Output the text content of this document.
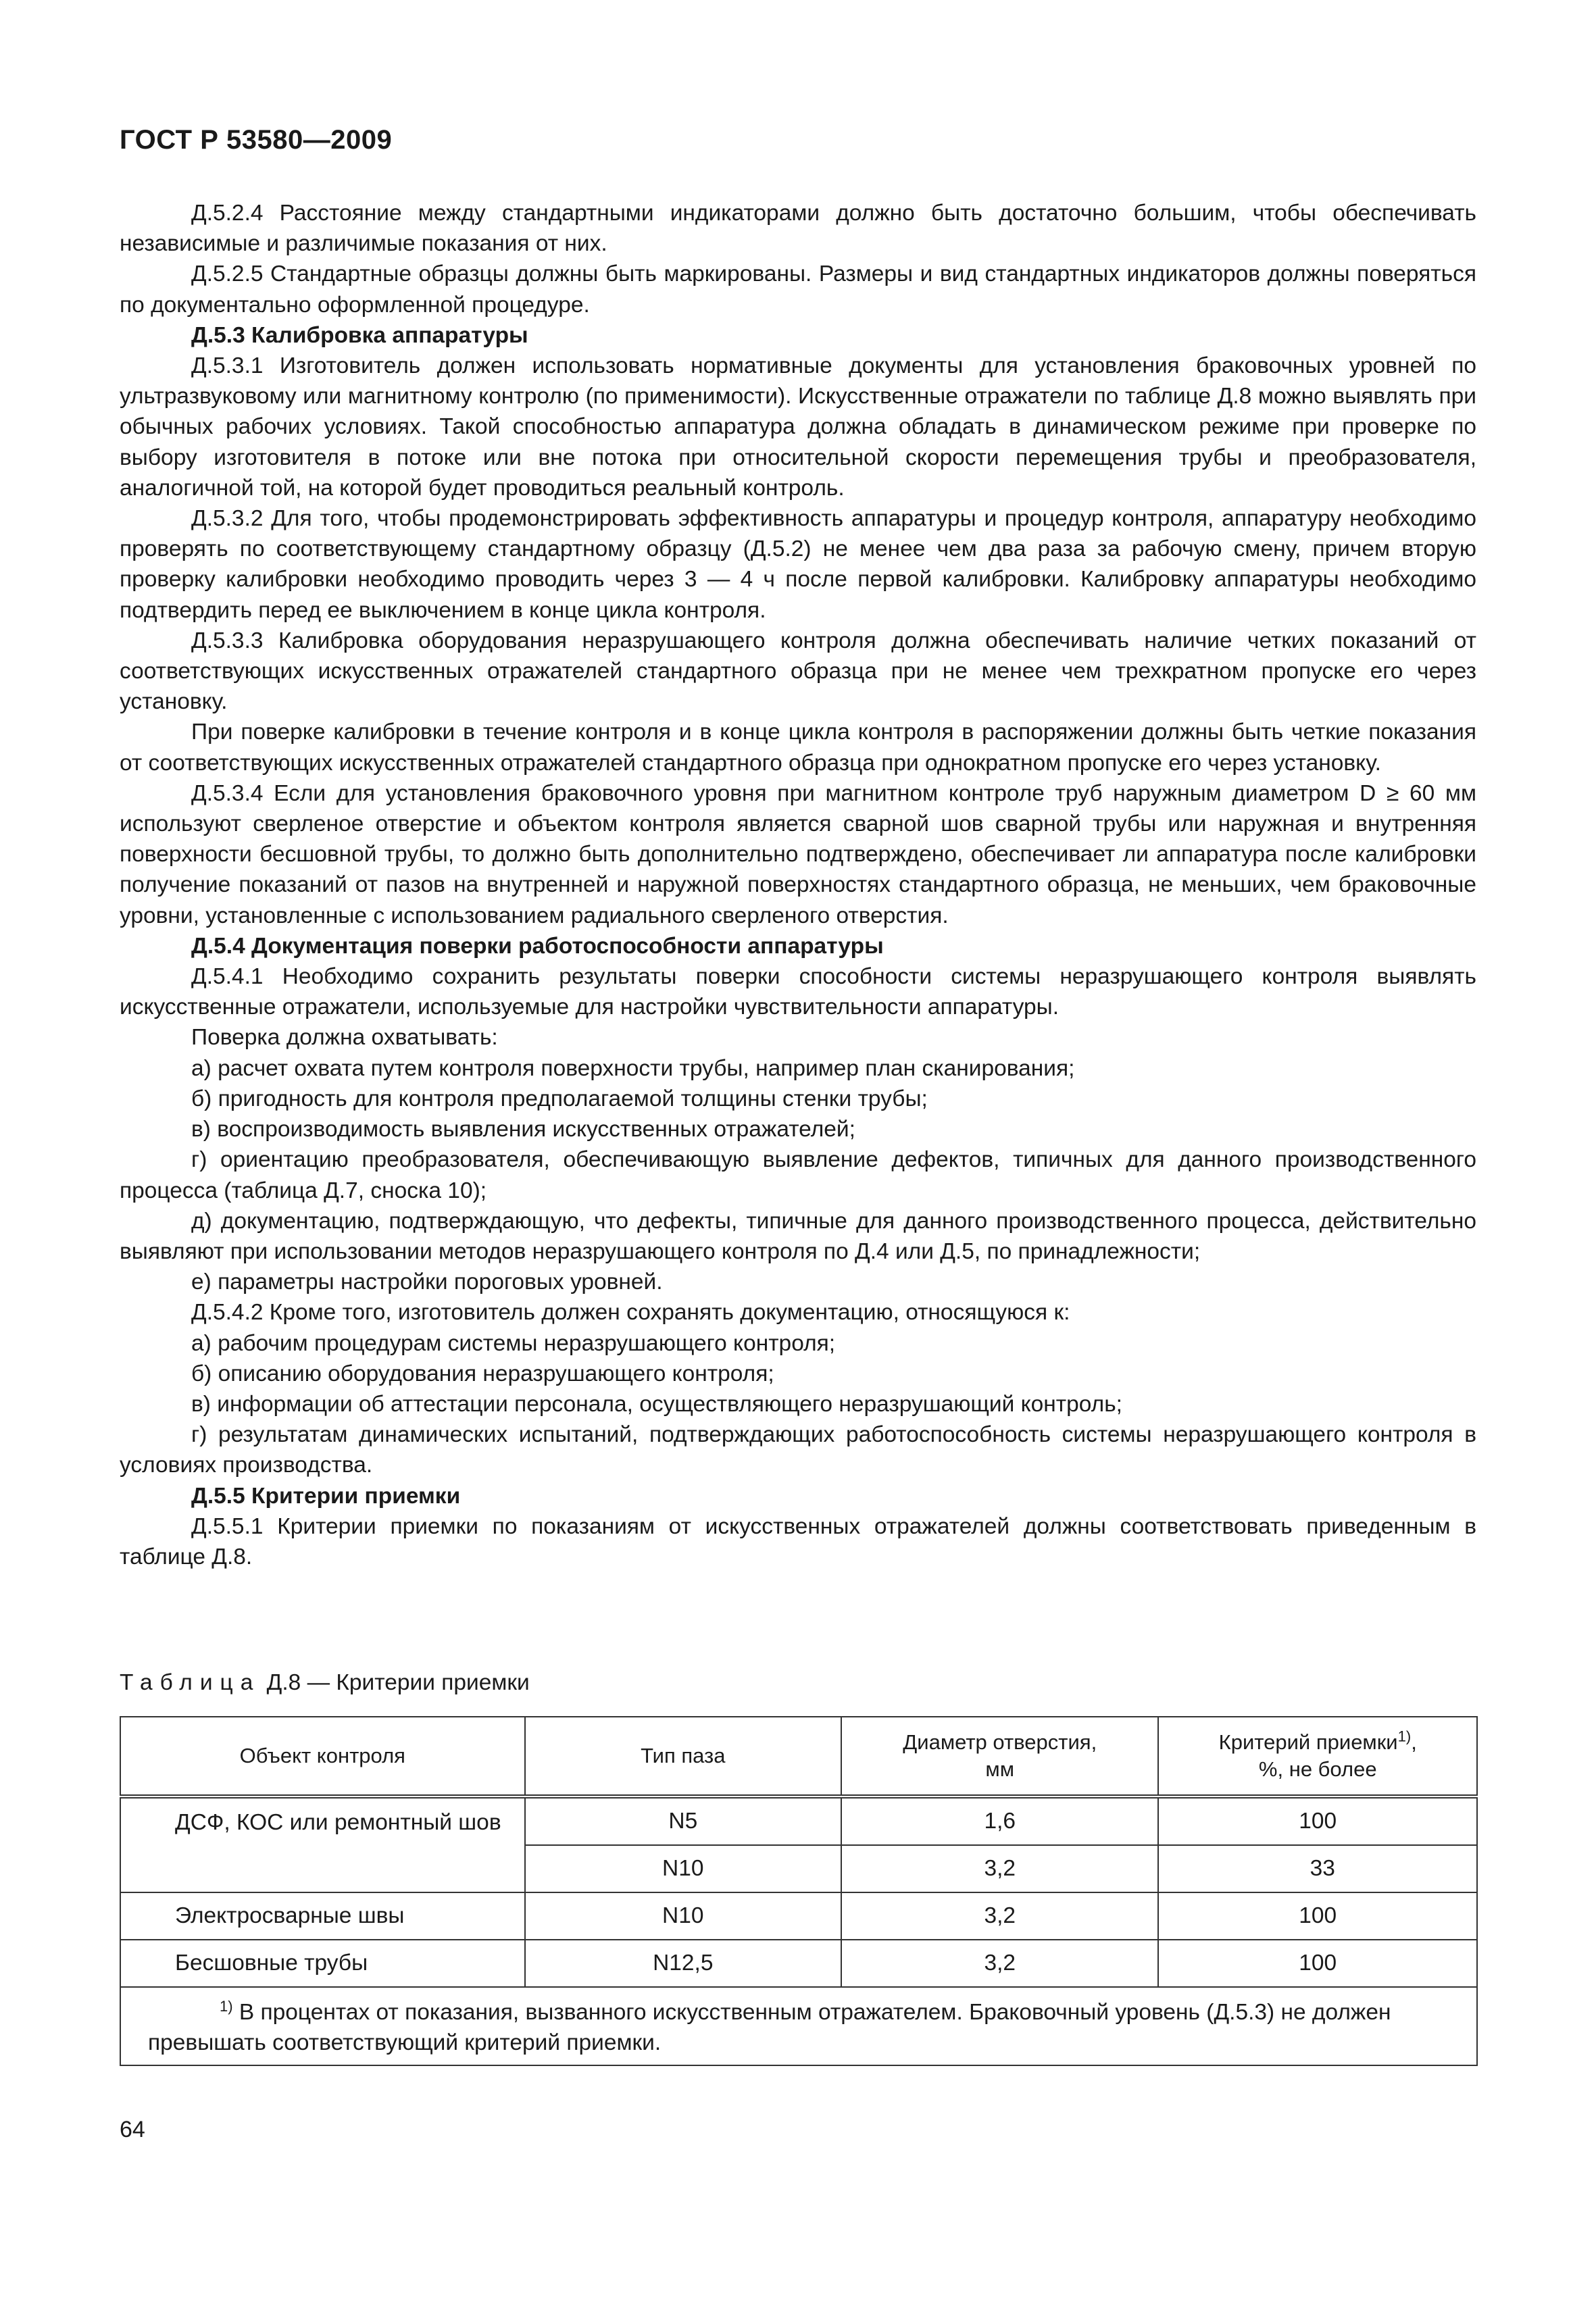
ГОСТ Р 53580—2009

Д.5.2.4 Расстояние между стандартными индикаторами должно быть достаточно большим, чтобы обеспечивать независимые и различимые показания от них.

Д.5.2.5 Стандартные образцы должны быть маркированы. Размеры и вид стандартных индикаторов должны поверяться по документально оформленной процедуре.

Д.5.3 Калибровка аппаратуры

Д.5.3.1 Изготовитель должен использовать нормативные документы для установления браковочных уровней по ультразвуковому или магнитному контролю (по применимости). Искусственные отражатели по таблице Д.8 можно выявлять при обычных рабочих условиях. Такой способностью аппаратура должна обладать в динамическом режиме при проверке по выбору изготовителя в потоке или вне потока при относительной скорости перемещения трубы и преобразователя, аналогичной той, на которой будет проводиться реальный контроль.

Д.5.3.2 Для того, чтобы продемонстрировать эффективность аппаратуры и процедур контроля, аппаратуру необходимо проверять по соответствующему стандартному образцу (Д.5.2) не менее чем два раза за рабочую смену, причем вторую проверку калибровки необходимо проводить через 3 — 4 ч после первой калибровки. Калибровку аппаратуры необходимо подтвердить перед ее выключением в конце цикла контроля.

Д.5.3.3 Калибровка оборудования неразрушающего контроля должна обеспечивать наличие четких показаний от соответствующих искусственных отражателей стандартного образца при не менее чем трехкратном пропуске его через установку.

При поверке калибровки в течение контроля и в конце цикла контроля в распоряжении должны быть четкие показания от соответствующих искусственных отражателей стандартного образца при однократном пропуске его через установку.

Д.5.3.4 Если для установления браковочного уровня при магнитном контроле труб наружным диаметром D ≥ 60 мм используют сверленое отверстие и объектом контроля является сварной шов сварной трубы или наружная и внутренняя поверхности бесшовной трубы, то должно быть дополнительно подтверждено, обеспечивает ли аппаратура после калибровки получение показаний от пазов на внутренней и наружной поверхностях стандартного образца, не меньших, чем браковочные уровни, установленные с использованием радиального сверленого отверстия.

Д.5.4 Документация поверки работоспособности аппаратуры

Д.5.4.1 Необходимо сохранить результаты поверки способности системы неразрушающего контроля выявлять искусственные отражатели, используемые для настройки чувствительности аппаратуры.

Поверка должна охватывать:

а) расчет охвата путем контроля поверхности трубы, например план сканирования;

б) пригодность для контроля предполагаемой толщины стенки трубы;

в) воспроизводимость выявления искусственных отражателей;

г) ориентацию преобразователя, обеспечивающую выявление дефектов, типичных для данного производственного процесса (таблица Д.7, сноска 10);

д) документацию, подтверждающую, что дефекты, типичные для данного производственного процесса, действительно выявляют при использовании методов неразрушающего контроля по Д.4 или Д.5, по принадлежности;

е) параметры настройки пороговых уровней.

Д.5.4.2 Кроме того, изготовитель должен сохранять документацию, относящуюся к:

а) рабочим процедурам системы неразрушающего контроля;

б) описанию оборудования неразрушающего контроля;

в) информации об аттестации персонала, осуществляющего неразрушающий контроль;

г) результатам динамических испытаний, подтверждающих работоспособность системы неразрушающего контроля в условиях производства.

Д.5.5 Критерии приемки

Д.5.5.1 Критерии приемки по показаниям от искусственных отражателей должны соответствовать приведенным в таблице Д.8.

Таблица Д.8 — Критерии приемки
Объект контроля	Тип паза	Диаметр отверстия,
мм	Критерий приемки$^{1)}$,
%, не более
ДСФ, КОС или ремонтный шов	N5	1,6	100
	N10	3,2	33
Электросварные швы	N10	3,2	100
Бесшовные трубы	N12,5	3,2	100
$^{1)}$ В процентах от показания, вызванного искусственным отражателем. Браковочный уровень (Д.5.3) не должен превышать соответствующий критерий приемки.			
64
